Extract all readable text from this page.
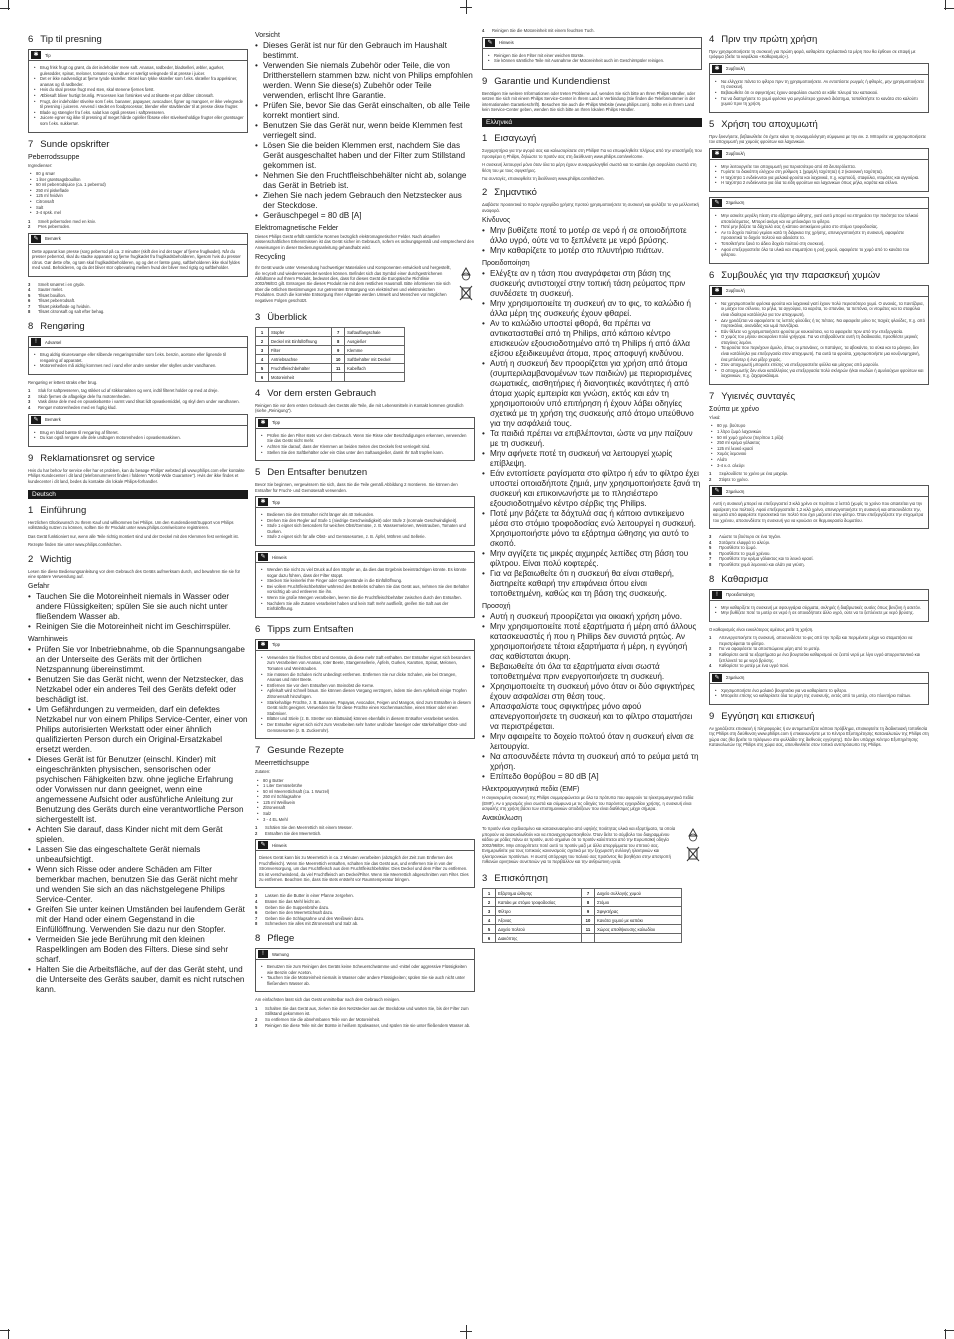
6 Tip til presning
✱	Tip
• Brug frisk frugt og grønt, da det indeholder mere saft. Ananas, rødbeder, bladselleri, æbler, agurker, gulerødder, spinat, meloner, tomater og vindruer er særligt velegnede til at presse i juicer.
• Det er ikke nødvendigt at fjerne tynde skræller. Skræl kun tykke skræller som f.eks. skræller fra appelsiner, ananas og rå rødbeder.
• Hvis du skal presse frugt med sten, skal stenene fjernes først.
• Æblesaft bliver hurtigt brunlig. Processen kan forsinkes ved at tilsætte et par dråber citronsaft.
• Frugt, der indeholder stivelse som f.eks. bananer, papayaer, avocadoer, figner og mangoer, er ikke velegnede til presning i juiceren. Anvend i stedet en foodprocessor, blender eller stavblender til at presse disse frugter.
• Blade og stængler fra f.eks. salat kan også presses i saftpresseren.
• Juicere egner sig ikke til presning af meget hårde og/eller fibrøse eller stivelsesholdige frugter eller grøntsager som f.eks. sukkerrør.
7 Sunde opskrifter
Peberrodssuppe
Ingredienser:
• 80 g smør
• 1 liter grøntsagsbouillon
• 50 ml peberrodsjuice (ca. 1 peberrod)
• 250 ml piskefløde
• 125 ml hvidvin
• Citronsaft
• Salt
• 3-4 spsk. mel
1 Smelt peberroden med en kniv.
2 Pres peberroden.
✎	Bemærk
Dette apparat kan presse (sorg peberrod på ca. 2 minutter (skift den ind det tager af fjerne fruglkødet). Når du presser peberrod, skal du stadse apparatet og fjerne fruglkødet fra fruglkødsbeholderen, ligesom hvis du presser citrus. Gør dette ofte, og tøm skal fruglkødsbeholderen, og og det er første gang, saftbeholderen ikke skal fyldes med vand. Beholderen, og da det bliver stor opbevaring mellem hvad der bliver med rigtig og saftbeholder.
3 Smelt smørret i en gryde.
4 Sauter melet.
5 Tilsæt bouillon.
6 Tilsæt peberrodsaft.
7 Tilsæt piskefløde og hvidvin.
8 Tilsæt citronsaft og salt efter behag.
8 Rengøring
!	Advarsel
• Brug aldrig skuresvampe eller slibende rengøringsmidler som f.eks. benzin, acetone eller lignende til rengøring af apparatet.
• Motorenheden må aldrig kommes ned i vand eller andre væsker eller skylles under vandhanen.
Rengøring er lettest straks efter brug.
1 Sluk for saftpresseren, tag stikket ud af stikkontakten og vent, indtil filteret holder op med at dreje.
2 Skub fjernes de aflagelige dele fra motorenheden.
3 Vask disse dele med en opvaskebørste i varmt vand tilsat lidt opvaskemiddel, og skyl dem under vandhanen.
4 Rengør motorenheden med en fugtig klud.
✎	Bemærk
• Brug en blød børste til rengøring af filteret.
• Du kan også rengøre alle dele undtagen motorenheden i opvaskemaskinen.
9 Reklamationsret og service
Hvis du har behov for service eller har et problem, kan du besøge Philips' websted på www.philips.com eller kontakte Philips Kundecenter i dit land (telefonnummeret findes i folderen "World-Wide Guarantee"). Hvis der ikke findes et kundecenter i dit land, bedes du kontakte din lokale Philips-forhandler.
Deutsch
1 Einführung
Herzlichen Glückwunsch zu Ihrem Kauf und willkommen bei Philips. Um den Kundendienst/Support von Philips vollständig nutzen zu können, sollten Sie Ihr Produkt unter www.philips.com/welcome registrieren.
Das Gerät funktioniert nur, wenn alle Teile richtig montiert sind und der Deckel mit den Klemmen fest verriegelt ist.
Rezepte finden Sie unter www.philips.com/kitchen.
2 Wichtig
Lesen Sie diese Bedienungsanleitung vor dem Gebrauch des Geräts aufmerksam durch, und bewahren Sie sie für eine spätere Verwendung auf.
Gefahr
• Tauchen Sie die Motoreinheit niemals in Wasser oder andere Flüssigkeiten; spülen Sie sie auch nicht unter fließendem Wasser ab.
• Reinigen Sie die Motoreinheit nicht im Geschirrspüler.
Warnhinweis
• Prüfen Sie vor Inbetriebnahme, ob die Spannungsangabe an der Unterseite des Geräts mit der örtlichen Netzspannung übereinstimmt.
• Benutzen Sie das Gerät nicht, wenn der Netzstecker, das Netzkabel oder ein anderes Teil des Geräts defekt oder beschädigt ist.
• Um Gefährdungen zu vermeiden, darf ein defektes Netzkabel nur von einem Philips Service-Center, einer von Philips autorisierten Werkstatt oder einer ähnlich qualifizierten Person durch ein Original-Ersatzkabel ersetzt werden.
• Dieses Gerät ist für Benutzer (einschl. Kinder) mit eingeschränkten physischen, sensorischen oder psychischen Fähigkeiten bzw. ohne jegliche Erfahrung oder Vorwissen nur dann geeignet, wenn eine angemessene Aufsicht oder ausführliche Anleitung zur Benutzung des Geräts durch eine verantwortliche Person sichergestellt ist.
• Achten Sie darauf, dass Kinder nicht mit dem Gerät spielen.
• Lassen Sie das eingeschaltete Gerät niemals unbeaufsichtigt.
• Wenn sich Risse oder andere Schäden am Filter bemerkbar machen, benutzen Sie das Gerät nicht mehr und wenden Sie sich an das nächstgelegene Philips Service-Center.
• Greifen Sie unter keinen Umständen bei laufendem Gerät mit der Hand oder einem Gegenstand in die Einfüllöffnung. Verwenden Sie dazu nur den Stopfer.
• Vermeiden Sie jede Berührung mit den kleinen Raspelklingen am Boden des Filters. Diese sind sehr scharf.
• Halten Sie die Arbeitsfläche, auf der das Gerät steht, und die Unterseite des Geräts sauber, damit es nicht rutschen kann.
Vorsicht
• Dieses Gerät ist nur für den Gebrauch im Haushalt bestimmt.
• Verwenden Sie niemals Zubehör oder Teile, die von Drittherstellern stammen bzw. nicht von Philips empfohlen werden. Wenn Sie diese(s) Zubehör oder Teile verwenden, erlischt Ihre Garantie.
• Prüfen Sie, bevor Sie das Gerät einschalten, ob alle Teile korrekt montiert sind.
• Benutzen Sie das Gerät nur, wenn beide Klemmen fest verriegelt sind.
• Lösen Sie die beiden Klemmen erst, nachdem Sie das Gerät ausgeschaltet haben und der Filter zum Stillstand gekommen ist.
• Nehmen Sie den Fruchtfleischbehälter nicht ab, solange das Gerät in Betrieb ist.
• Ziehen Sie nach jedem Gebrauch den Netzstecker aus der Steckdose.
• Geräuschpegel = 80 dB [A]
Elektromagnetische Felder
Dieses Philips Gerät erfüllt sämtliche Normen bezüglich elektromagnetischer Felder. Nach aktuellen wissenschaftlichen Erkenntnissen ist das Gerät sicher im Gebrauch, sofern es ordnungsgemäß und entsprechend den Anweisungen in dieser Bedienungsanleitung gehandhabt wird.
Recycling
Ihr Gerät wurde unter Verwendung hochwertiger Materialien und Komponenten entwickelt und hergestellt, die recycelt und wiederverwendet werden können. Befindet sich das Symbol einer durchgestrichenen Abfalltonne auf Ihrem Produkt, bedeutet dies, dass für dieses Gerät die Europäische Richtlinie 2002/96/EG gilt. Entsorgen Sie dieses Produkt nie mit dem restlichen Hausmüll. Bitte informieren Sie sich über die örtlichen Bestimmungen zur getrennten Entsorgung von elektrischen und elektronischen Produkten. Durch die korrekte Entsorgung Ihrer Altgeräte werden Umwelt und Menschen vor möglichen negativen Folgen geschützt.
3 Überblick
1	Stopfer	7	Saftauffangschale
2	Deckel mit Einfüllöffnung	8	Ausgießer
3	Filter	9	Klemme
4	Antriebsachse	10	Saftbehälter mit Deckel
5	Fruchtfleischbehälter	11	Kabelfach
6	Motoreinheit		
4 Vor dem ersten Gebrauch
Reinigen Sie vor dem ersten Gebrauch des Geräts alle Teile, die mit Lebensmitteln in Kontakt kommen gründlich (siehe „Reinigung").
✱	Tipp
• Prüfen Sie den Filter stets vor dem Gebrauch. Wenn Sie Risse oder Beschädigungen erkennen, verwenden Sie das Gerät nicht mehr.
• Achten Sie darauf, dass der Klemmen an beiden Seiten des Deckels fest verriegelt sind.
• Stellen Sie den Saftbehälter oder ein Glas unter den Saftausgießer, damit Ihr Saft tropfen kann.
5 Den Entsafter benutzen
Bevor Sie beginnen, vergewissern Sie sich, dass Sie die Teile gemäß Abbildung 2 montieren. Sie können den Entsafter für Frucht- und Gemüsesaft verwenden.
✱	Tipp
• Bedienen Sie den Entsafter nicht länger als 40 Sekunden.
• Drehen Sie den Regler auf Stufe 1 (niedrige Geschwindigkeit) oder Stufe 2 (normale Geschwindigkeit).
• Stufe 1 eignet sich besonders für weiches Obst/Gemüse, z. B. Wassermelonen, Weintrauben, Tomaten und Gurken.
• Stufe 2 eignet sich für alle Obst- und Gemüsesorten, z. B. Äpfel, Möhren und Sellerie.
✎	Hinweis
• Wenden Sie nicht zu viel Druck auf den Stopfer an, da dies das Ergebnis beeinträchtigen könnte. Es könnte sogar dazu führen, dass der Filter stoppt.
• Stecken Sie keinerlei Ihre Finger oder Gegenstände in die Einfüllöffnung.
• Bei vollem Fruchtfleischbehälter während des Betriebs schalten Sie das Gerät aus, nehmen Sie den Behälter vorsichtig ab und entleeren Sie ihn.
• Wenn Sie große Mengen verarbeiten, leeren Sie die Fruchtfleischbehälter zwischen durch den Entsaften.
• Nachdem Sie alle Zutaten verarbeitet haben und kein Saft mehr ausfließt, greifen Sie Saft aus der Einfüllöffnung.
6 Tipps zum Entsaften
✱	Tipp
• Verwenden Sie frisches Obst und Gemüse, da diese mehr Saft enthalten. Der Entsafter eignet sich besonders zum Verarbeiten von Ananas, roter Beete, Stangensellerie, Äpfeln, Gurken, Karotten, Spinat, Melonen, Tomaten und Weintrauben.
• Sie müssen die Schalen nicht unbedingt entfernen. Entfernen Sie nur dicke Schalen, wie bei Orangen, Ananas und roter Beete.
• Entfernen Sie vor dem Entsaften von Steinobst die Kerne.
• Apfelsaft wird schnell braun. Sie können diesen Vorgang verzögern, indem Sie dem Apfelsaft einige Tropfen Zitronensaft hinzufügen.
• Stärkehaltige Früchte, z. B. Bananen, Papayas, Avocados, Feigen und Mangos, sind zum Entsaften in diesem Gerät nicht geeignet. Verwenden Sie für diese Früchte einen Küchenmaschine, einen Mixer oder einen Stabmixer.
• Blätter und Stiele (z. B. Stretter von Blattsalat) können ebenfalls in diesem Entsafter verarbeitet werden.
• Der Entsafter eignet sich nicht zum Verarbeiten sehr harter und/oder faseriger oder stärkehaltiger Obst- und Gemüsesorten (z. B. Zuckerrohr).
7 Gesunde Rezepte
Meerrettichsuppe
Zutaten:
• 80 g Butter
• 1 Liter Gemüsebrühe
• 50 ml Meerrettichsaft (ca. 1 Wurzel)
• 250 ml Schlagsahne
• 125 ml Weißwein
• Zitronensaft
• Salz
• 3 - 4 EL Mehl
1 Schälen Sie den Meerrettich mit einem Messer.
2 Entsaften Sie den Meerrettich.
✎	Hinweis
Dieses Gerät kann bis zu Meerrettich in ca. 2 Minuten verarbeiten (abzüglich der Zeit zum Entfernen des Fruchtfleisch). Wenn Sie Meerrettich entsaften, schalten Sie das Gerät aus, und entfernen Sie in von der Stromversorgung, um das Fruchtfleisch aus dem Fruchtfleischbehälter. Dies Deckel und dem Filter zu entfernen. Es ist verschwindend, da viel Fruchtfleisch am Deckel/Filter. Wenn Sie Meerrettich abgeschnitten vom Filter. Dies zu entfernen. Beachten Sie, dass Sie stets entsteht vor Raumtemperatur bringen.
3 Lassen Sie die Butter in einer Pfanne zergehen.
4 Braten Sie das Mehl leicht an.
5 Geben Sie die Suppenbrühe dazu.
6 Geben Sie den Meerrettichsaft dazu.
7 Geben Sie die Schlagsahne und den Weißwein dazu.
8 Schmecken Sie alles mit Zitronensaft und Salz ab.
8 Pflege
!	Warnung
• Benutzen Sie zum Reinigen des Geräts keine Scheuerschwämme und -mittel oder aggressive Flüssigkeiten wie Benzin oder Aceton.
• Tauchen Sie die Motoreinheit niemals in Wasser oder andere Flüssigkeiten; spülen Sie sie auch nicht unter fließendem Wasser ab.
Am einfachsten lässt sich das Gerät unmittelbar nach dem Gebrauch reinigen.
1 Schalten Sie das Gerät aus, ziehen Sie den Netzstecker aus der Steckdose und warten Sie, bis der Filter zum Stillstand gekommen ist.
2 So entfernen Sie die abnehmbaren Teile von der Motoreinheit.
3 Reinigen Sie diese Teile mit der Bürste in heißem Spülwasser, und spülen Sie sie unter fließendem Wasser ab.
4 Reinigen Sie die Motoreinheit mit einem feuchten Tuch.
✎	Hinweis
• Reinigen Sie den Filter mit einer weichen Bürste.
• Sie können sämtliche Teile mit Ausnahme der Motoreinheit auch im Geschirrspüler reinigen.
9 Garantie und Kundendienst
Benötigen Sie weitere Informationen oder treten Probleme auf, wenden Sie sich bitte an Ihren Philips Händler, oder setzen Sie sich mit einem Philips Service-Center in Ihrem Land in Verbindung (Sie finden die Telefonnummer in der internationalen Garantieschrift). Besuchen Sie auch die Philips Website (www.philips.com). Sollte es in Ihrem Land kein Service-Center geben, wenden Sie sich bitte an Ihren lokalen Philips Händler.
Ελληνικά
1 Εισαγωγή
Συγχαρητήρια για την αγορά σας και καλωσορίσατε στη Philips! Για να επωφεληθείτε πλήρως από την υποστήριξη που προσφέρει η Philips, δηλώστε το προϊόν σας στη διεύθυνση www.philips.com/welcome.
Η συσκευή λειτουργεί μόνο όταν όλα τα μέρη έχουν συναρμολογηθεί σωστά και το καπάκι έχει ασφαλίσει σωστά στη θέση του με τους σφιγκτήρες.
Για συνταγές, επισκεφθείτε τη διεύθυνση www.philips.com/kitchen.
2 Σημαντικό
Διαβάστε προσεκτικά το παρόν εγχειρίδιο χρήσης προτού χρησιμοποιήσετε τη συσκευή και φυλάξτε το για μελλοντική αναφορά.
Κίνδυνος
• Μην βυθίζετε ποτέ το μοτέρ σε νερό ή σε οποιοδήποτε άλλο υγρό, ούτε να το ξεπλένετε με νερό βρύσης.
• Μην καθαρίζετε το μοτέρ στο πλυντήριο πιάτων.
Προειδοποίηση
• Ελέγξτε αν η τάση που αναγράφεται στη βάση της συσκευής αντιστοιχεί στην τοπική τάση ρεύματος πριν συνδέσετε τη συσκευή.
• Μην χρησιμοποιείτε τη συσκευή αν το φις, το καλώδιο ή άλλα μέρη της συσκευής έχουν φθαρεί.
• Αν το καλώδιο υποστεί φθορά, θα πρέπει να αντικατασταθεί από τη Philips, από κάποιο κέντρο επισκευών εξουσιοδοτημένο από τη Philips ή από άλλα εξίσου εξειδικευμένα άτομα, προς αποφυγή κινδύνου.
• Αυτή η συσκευή δεν προορίζεται για χρήση από άτομα (συμπεριλαμβανομένων των παιδιών) με περιορισμένες σωματικές, αισθητήριες ή διανοητικές ικανότητες ή από άτομα χωρίς εμπειρία και γνώση, εκτός και εάν τη χρησιμοποιούν υπό επιτήρηση ή έχουν λάβει οδηγίες σχετικά με τη χρήση της συσκευής από άτομο υπεύθυνο για την ασφάλειά τους.
• Τα παιδιά πρέπει να επιβλέπονται, ώστε να μην παίζουν με τη συσκευή.
• Μην αφήνετε ποτέ τη συσκευή να λειτουργεί χωρίς επίβλεψη.
• Εάν εντοπίσετε ραγίσματα στο φίλτρο ή εάν το φίλτρο έχει υποστεί οποιαδήποτε ζημιά, μην χρησιμοποιήσετε ξανά τη συσκευή και επικοινωνήστε με το πλησιέστερο εξουσιοδοτημένο κέντρο σέρβις της Philips.
• Ποτέ μην βάζετε τα δάχτυλά σας ή κάποιο αντικείμενο μέσα στο στόμιο τροφοδοσίας ενώ λειτουργεί η συσκευή. Χρησιμοποιήστε μόνο τα εξάρτημα ώθησης για αυτό το σκοπό.
• Μην αγγίζετε τις μικρές αιχμηρές λεπίδες στη βάση του φίλτρου. Είναι πολύ κοφτερές.
• Για να βεβαιωθείτε ότι η συσκευή θα είναι σταθερή, διατηρείτε καθαρή την επιφάνεια όπου είναι τοποθετημένη, καθώς και τη βάση της συσκευής.
Προσοχή
• Αυτή η συσκευή προορίζεται για οικιακή χρήση μόνο.
• Μην χρησιμοποιείτε ποτέ εξαρτήματα ή μέρη από άλλους κατασκευαστές ή που η Philips δεν συνιστά ρητώς. Αν χρησιμοποιήσετε τέτοια εξαρτήματα ή μέρη, η εγγύησή σας καθίσταται άκυρη.
• Βεβαιωθείτε ότι όλα τα εξαρτήματα είναι σωστά τοποθετημένα πριν ενεργοποιήσετε τη συσκευή.
• Χρησιμοποιείτε τη συσκευή μόνο όταν οι δύο σφιγκτήρες έχουν ασφαλίσει στη θέση τους.
• Απασφαλίστε τους σφιγκτήρες μόνο αφού απενεργοποιήσετε τη συσκευή και το φίλτρο σταματήσει να περιστρέφεται.
• Μην αφαιρείτε το δοχείο πολτού όταν η συσκευή είναι σε λειτουργία.
• Να αποσυνδέετε πάντα τη συσκευή από το ρεύμα μετά τη χρήση.
• Επίπεδο θορύβου = 80 dB [A]
Ηλεκτρομαγνητικά πεδία (EMF)
Η συγκεκριμένη συσκευή της Philips συμμορφώνεται με όλα τα πρότυπα που αφορούν τα ηλεκτρομαγνητικά πεδία (EMF). Αν ο χειρισμός γίνει σωστά και σύμφωνα με τις οδηγίες του παρόντος εγχειριδίου χρήσης, η συσκευή είναι ασφαλής στη χρήση βάσει των επιστημονικών αποδείξεων που είναι διαθέσιμες μέχρι σήμερα.
Ανακύκλωση
Το προϊόν είναι σχεδιασμένο και κατασκευασμένο από υψηλής ποιότητας υλικά και εξαρτήματα, τα οποία μπορούν να ανακυκλωθούν και να επαναχρησιμοποιηθούν. Όταν δείτε το σύμβολο του διαγραμμένου κάδου με ρόδες πάνω σε προϊόν, αυτό σημαίνει ότι το προϊόν καλύπτεται από την Ευρωπαϊκή οδηγία 2002/96/ΕΚ. Μην απορρίπτετε ποτέ αυτό το προϊόν μαζί με άλλα απορρίμματα του σπιτιού σας. Ενημερωθείτε για τους τοπικούς κανονισμούς σχετικά με την ξεχωριστή συλλογή ηλεκτρικών και ηλεκτρονικών προϊόντων. Η σωστή απόρριψη του παλιού σας προϊόντος θα βοηθήσει στην αποτροπή πιθανών αρνητικών συνεπειών για το περιβάλλον και την ανθρώπινη υγεία.
3 Επισκόπηση
1	Εξάρτημα ώθησης	7	Δοχείο συλλογής χυμού
2	Καπάκι με στόμιο τροφοδοσίας	8	Στόμιο
3	Φίλτρο	9	Σφιγκτήρας
4	Άξονας	10	Κανάτα χυμού με καπάκι
5	Δοχείο πολτού	11	Χώρος αποθήκευσης καλωδίου
6	Διακόπτης		
4 Πριν την πρώτη χρήση
Πριν χρησιμοποιήσετε τη συσκευή για πρώτη φορά, καθαρίστε σχολαστικά τα μέρη που θα έρθουν σε επαφή με τρόφιμα (δείτε το κεφάλαιο «Καθαρισμός»).
✱	Συμβουλή
• Να ελέγχετε πάντα το φίλτρο πριν τη χρησιμοποιήσετε. Αν εντοπίσετε ρωγμές ή φθορές, μην χρησιμοποιήσετε τη συσκευή.
• Βεβαιωθείτε ότι οι σφιγκτήρες έχουν ασφαλίσει σωστά σε κάθε πλευρά του καπακιού.
• Για να διατηρήσετε το χυμό φρέσκο για μεγαλύτερο χρονικό διάστημα, τοποθετήστε το κανάτα στο καλούπι χυμού πριν τη χρήση.
5 Χρήση του αποχυμωτή
Πριν ξεκινήσετε, βεβαιωθείτε ότι έχετε κάνει τη συναρμολόγηση σύμφωνα με την εικ. 2. Μπορείτε να χρησιμοποιήσετε τον αποχυμωτή για χυμούς φρούτων και λαχανικών.
✱	Συμβουλή
• Μην λειτουργείτε τον αποχυμωτή για περισσότερο από 40 δευτερόλεπτα.
• Γυρίστε το διακόπτη ελέγχου στη ρύθμιση 1 (χαμηλή ταχύτητα) ή 2 (κανονική ταχύτητα).
• Η ταχύτητα 1 ενδείκνυται για μαλακά φρούτα και λαχανικά, π.χ. καρπούζι, σταφύλια, ντομάτες και αγγούρια.
• Η ταχύτητα 2 ενδείκνυται για όλα τα είδη φρούτων και λαχανικών όπως μήλα, καρότα και σέλινο.
✎	Σημείωση
• Μην ασκείτε μεγάλη πίεση στο εξάρτημα ώθησης, γιατί αυτό μπορεί να επηρεάσει την ποιότητα του τελικού αποτελέσματος. Μπορεί ακόμη και να μπλοκάρει το φίλτρο.
• Ποτέ μην βάζετε τα δάχτυλά σας ή κάποιο αντικείμενο μέσα στο στόμιο τροφοδοσίας.
• Αν το δοχείο πολτού γεμίσει κατά τη διάρκεια της χρήσης, απενεργοποιήστε τη συσκευή, αφαιρέστε προσεκτικά το δοχείο πολτού και αδειάστε το.
• Τοποθετήστε ξανά το άδειο δοχείο πολτού στη συσκευή.
• Αφού επεξεργαστείτε όλα τα υλικά και σταματήσει η ροή χυμού, αφαιρέστε το χυμό από το κανάτα του φίλτρου.
6 Συμβουλές για την παρασκευή χυμών
✱	Συμβουλή
• Να χρησιμοποιείτε φρέσκα φρούτα και λαχανικά γιατί έχουν πολύ περισσότερο χυμό. Ο ανανάς, τα παντζάρια, οι μίσχοι του σέλινου, τα μήλα, τα αγγούρια, τα καρότα, το σπανάκι, τα πεπόνια, οι ντομάτες και τα σταφύλια είναι ιδιαίτερα κατάλληλα για τον αποχυμωτή.
• Δεν χρειάζεται να αφαιρέσετε τις λεπτές φλούδες ή τις πέτσες. Να αφαιρείτε μόνο τις παχιές φλούδες, π.χ. από πορτοκάλια, ανανάδες και ωμά παντζάρια.
• Εάν θέλετε να χρησιμοποιήσετε φρούτα με κουκούτσια, να τα αφαιρείτε πριν από την επεξεργασία.
• Ο χυμός του μήλου σκουραίνει πολύ γρήγορα. Για να επιβραδύνετε αυτή τη διαδικασία, προσθέστε μερικές σταγόνες λεμόνι.
• Τα φρούτα που περιέχουν άμυλο, όπως οι μπανάνες, οι παπάγιες, τα αβοκάντο, τα σύκα και τα μάνγκο, δεν είναι κατάλληλα για επεξεργασία στον αποχυμωτή. Για αυτά τα φρούτα, χρησιμοποιήστε μια κουζινομηχανή, ένα μπλέντερ ή ένα μίξερ χειρός.
• Στον αποχυμωτή μπορείτε επίσης να επεξεργαστείτε φύλλα και μίσχους από μαρούλι.
• Ο αποχυμωτής δεν είναι κατάλληλος για επεξεργασία πολύ σκληρών ή/και ινωδών ή αμυλούχων φρούτων και λαχανικών, π.χ. ζαχαροκάλαμο.
7 Υγιεινές συνταγές
Σούπα με χρένο
Υλικά:
• 80 γρ. βούτυρο
• 1 λίτρο ζωμό λαχανικών
• 50 ml χυμό χρένου (περίπου 1 ρίζα)
• 250 ml κρέμα γάλακτος
• 125 ml λευκό κρασί
• Χυμός λεμονιού
• Αλάτι
• 3-4 κ.σ. αλεύρι
1 Ξεφλουδίστε το χρένο με ένα μαχαίρι.
2 Στίψτε το χρένο.
✎	Σημείωση
Αυτή η συσκευή μπορεί να επεξεργαστεί 3 κιλά χρένο σε περίπου 2 λεπτά (χωρίς το χρόνο που απαιτείται για την αφαίρεση του πολτού). Αφού επεξεργαστείτε 1,2 κιλά χρένο, απενεργοποιήστε τη συσκευή και αποσυνδέστε την, και μετά από αφαιρέστε προσεκτικά τον πολτό που έχει μαζευτεί στον φίλτρο. Όταν επεξεργάζεστε την στιχομέτρα του χρένου, αποσυνδέστε τη συσκευή για να κρυώσει σε θερμοκρασία δωματίου.
3 Λιώστε το βούτυρο σε ένα τηγάνι.
4 Σοτάρετε ελαφρά το αλεύρι.
5 Προσθέστε το ζωμό.
6 Προσθέστε το χυμό χρένου.
7 Προσθέστε την κρέμα γάλακτος και το λευκό κρασί.
8 Προσθέστε χυμό λεμονιού και αλάτι για γεύση.
8 Καθαρισμα
!	Προειδοποίηση
• Μην καθαρίζετε τη συσκευή με σφουγγάρια σύρματα, σκληρές ή διαβρωτικές ουσίες όπως βενζίνη ή ασετόν.
• Μην βυθίζετε ποτέ το μοτέρ σε νερό ή σε οποιοδήποτε άλλο υγρό, ούτε να το ξεπλένετε με νερό βρύσης.
Ο καθαρισμός είναι ευκολότερος αμέσως μετά τη χρήση.
1 Απενεργοποιήστε τη συσκευή, αποσυνδέστε το φις από την πρίζα και περιμένετε μέχρι να σταματήσει να περιστρέφεται το φίλτρο.
2 Για να αφαιρέσετε τα αποσπώμενα μέρη από το μοτέρ.
3 Καθαρίστε αυτά τα εξαρτήματα με ένα βουρτσάκι καθαρισμού σε ζεστό νερό με λίγο υγρό απορρυπαντικό και ξεπλύνετέ τα με νερό βρύσης.
4 Καθαρίστε το μοτέρ με ένα υγρό πανί.
✎	Σημείωση
• Χρησιμοποιήστε ένα μαλακό βουρτσάκι για να καθαρίσετε το φίλτρο.
• Μπορείτε επίσης να καθαρίσετε όλα τα μέρη της συσκευής, εκτός από το μοτέρ, στο πλυντήριο πιάτων.
9 Εγγύηση και επισκευή
Αν χρειάζεστε επισκευή ή πληροφορίες ή αν αντιμετωπίζετε κάποιο πρόβλημα, επισκεφτείτε τη διαδικτυακή τοποθεσία της Philips στη διεύθυνση www.philips.com ή επικοινωνήστε με το Κέντρο Εξυπηρέτησης Καταναλωτών της Philips στη χώρα σας (θα βρείτε το τηλέφωνο στο φυλλάδιο της διεθνούς εγγύησης). Εάν δεν υπάρχει Κέντρο Εξυπηρέτησης Καταναλωτών της Philips στη χώρα σας, απευθυνθείτε στον τοπικό αντιπρόσωπο της Philips.
